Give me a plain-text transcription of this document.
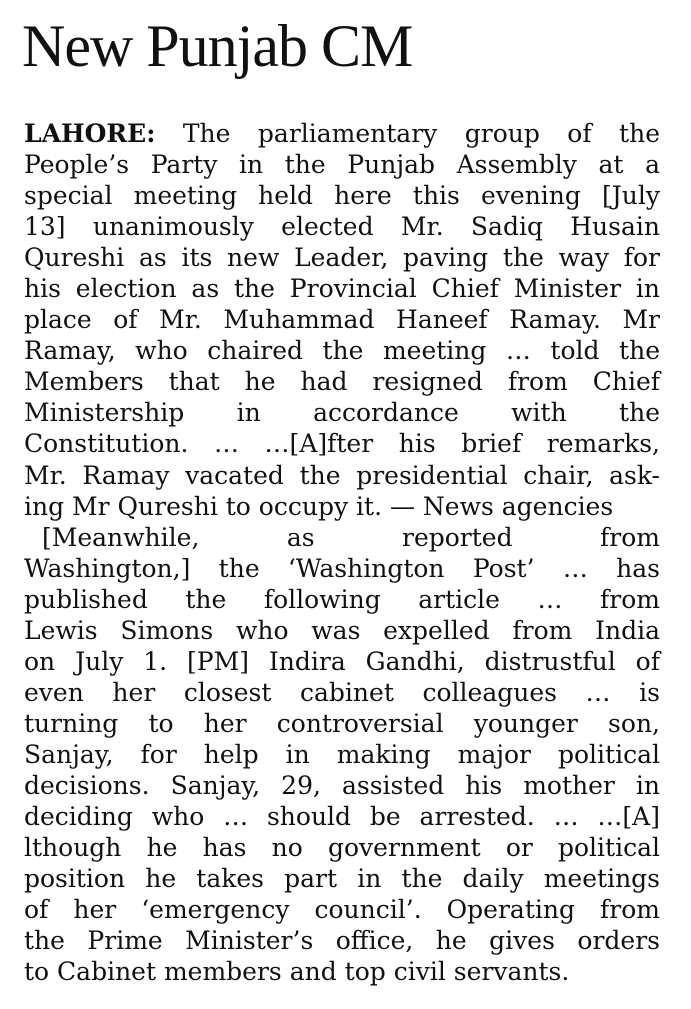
New Punjab CM
LAHORE: The parliamentary group of the
People’s Party in the Punjab Assembly at a
special meeting held here this evening [July
13] unanimously elected Mr. Sadiq Husain
Qureshi as its new Leader, paving the way for
his election as the Provincial Chief Minister in
place of Mr. Muhammad Haneef Ramay. Mr
Ramay, who chaired the meeting … told the
Members that he had resigned from Chief
Ministership in accordance with the
Constitution. … …[A]fter his brief remarks,
Mr. Ramay vacated the presidential chair, ask-
ing Mr Qureshi to occupy it. — News agencies
[Meanwhile, as reported from
Washington,] the ‘Washington Post’ … has
published the following article … from
Lewis Simons who was expelled from India
on July 1. [PM] Indira Gandhi, distrustful of
even her closest cabinet colleagues … is
turning to her controversial younger son,
Sanjay, for help in making major political
decisions. Sanjay, 29, assisted his mother in
deciding who … should be arrested. … …[A]
lthough he has no government or political
position he takes part in the daily meetings
of her ‘emergency council’. Operating from
the Prime Minister’s office, he gives orders
to Cabinet members and top civil servants.
